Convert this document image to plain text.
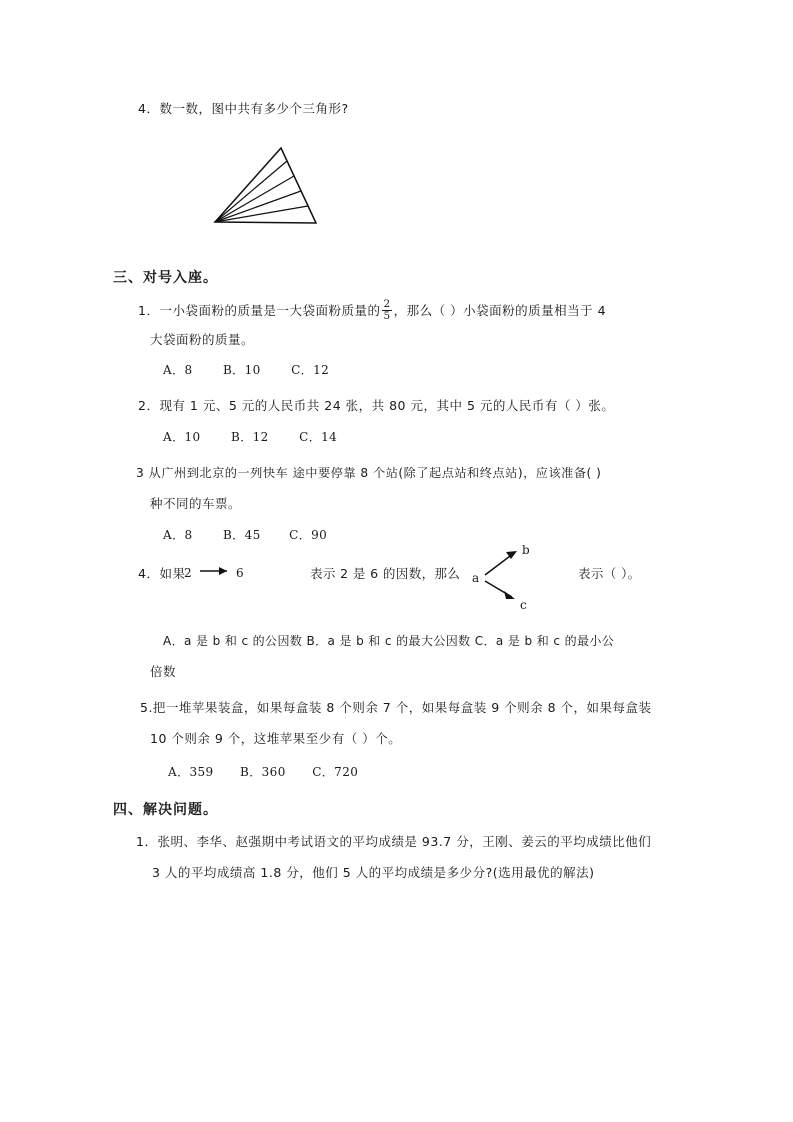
4．数一数，图中共有多少个三角形?
三、对号入座。
1．一小袋面粉的质量是一大袋面粉质量的 $\frac{2}{5}$ ，那么（ ）小袋面粉的质量相当于 4
大袋面粉的质量。
A．8	B．10	C．12
2．现有 1 元、5 元的人民币共 24 张，共 80 元，其中 5 元的人民币有（ ）张。
A．10	B．12	C．14
3 从广州到北京的一列快车 途中要停靠 8 个站(除了起点站和终点站)，应该准备( )
种不同的车票。
A．8	B．45 C．90
4．如果
2	6	表示 2 是 6 的因数，那么 a
b
c
表示（ ）。
A．a 是 b 和 c 的公因数 B．a 是 b 和 c 的最大公因数 C．a 是 b 和 c 的最小公
倍数
5.把一堆苹果装盒，如果每盒装 8 个则余 7 个，如果每盒装 9 个则余 8 个，如果每盒装
10 个则余 9 个，这堆苹果至少有（ ）个。
A．359 B．360 C．720
四、解决问题。
1．张明、李华、赵强期中考试语文的平均成绩是 93.7 分，王刚、姜云的平均成绩比他们
3 人的平均成绩高 1.8 分，他们 5 人的平均成绩是多少分?(选用最优的解法)
